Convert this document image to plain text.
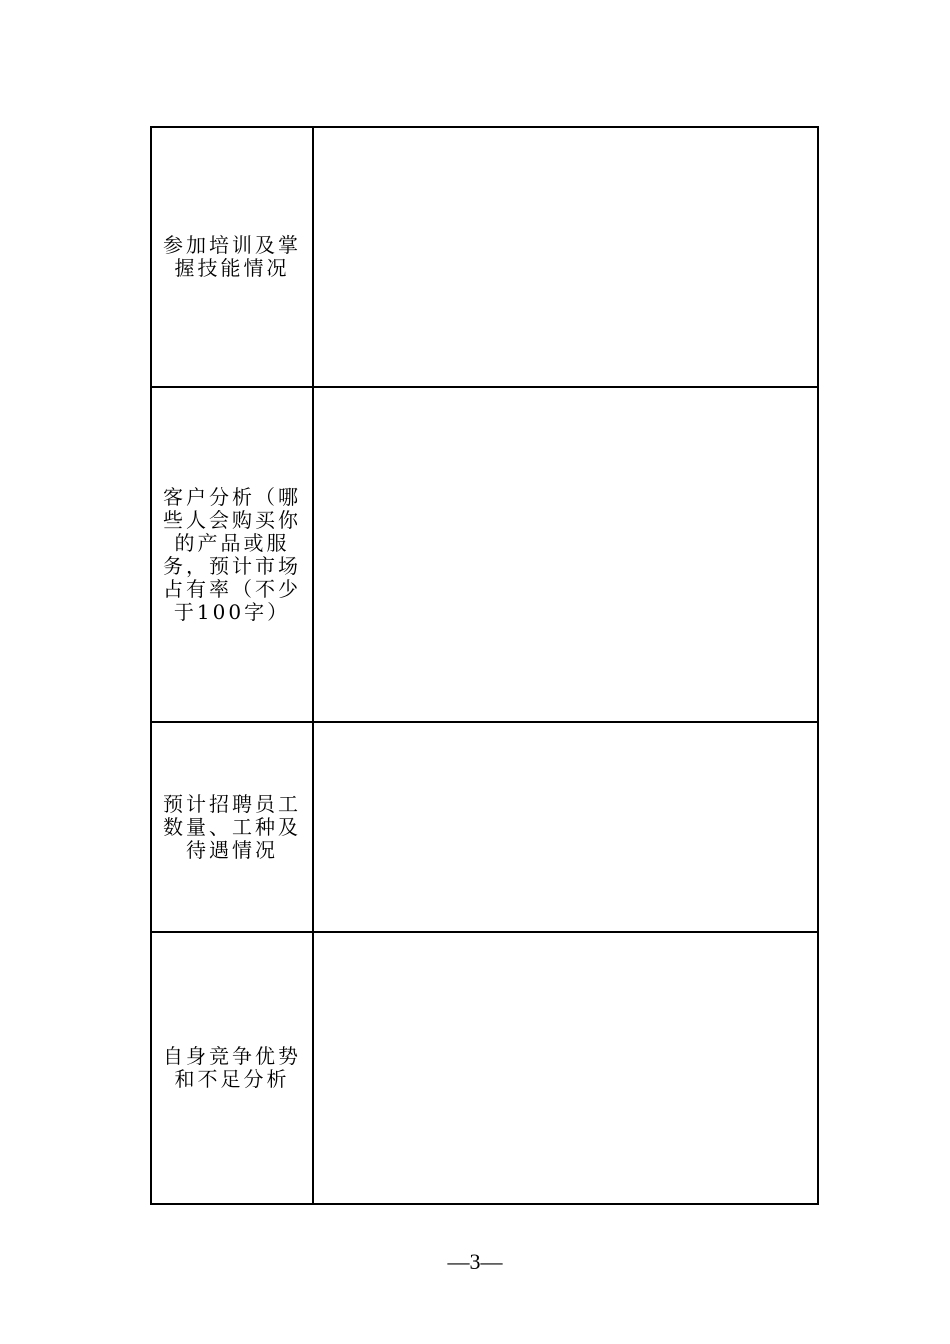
参加培训及掌握技能情况	
客户分析（哪些人会购买你的产品或服务，预计市场占有率（不少于100字）	
预计招聘员工数量、工种及待遇情况	
自身竞争优势和不足分析	
—3—
